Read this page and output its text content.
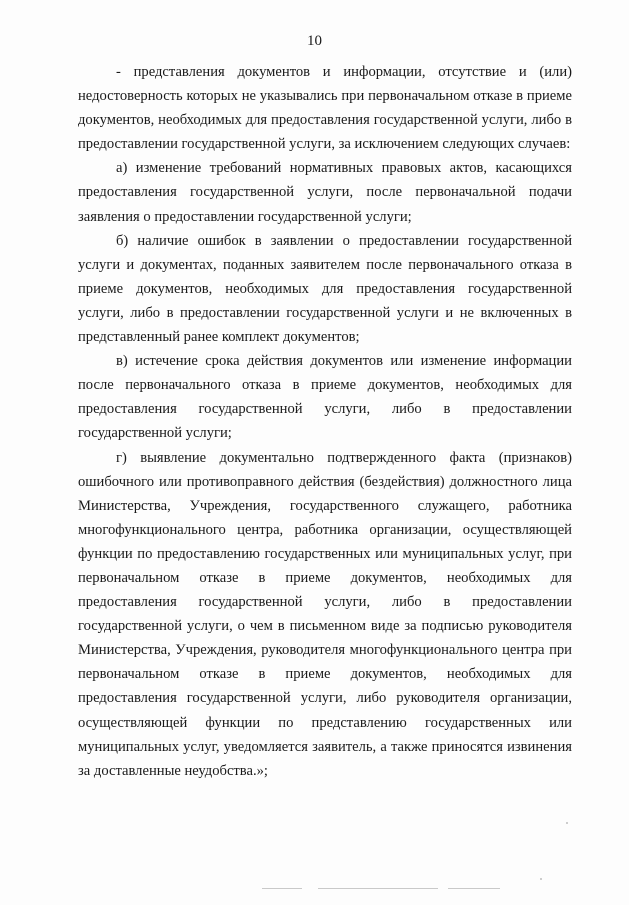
10

- представления документов и информации, отсутствие и (или) недостоверность которых не указывались при первоначальном отказе в приеме документов, необходимых для предоставления государственной услуги, либо в предоставлении государственной услуги, за исключением следующих случаев:

а) изменение требований нормативных правовых актов, касающихся предоставления государственной услуги, после первоначальной подачи заявления о предоставлении государственной услуги;

б) наличие ошибок в заявлении о предоставлении государственной услуги и документах, поданных заявителем после первоначального отказа в приеме документов, необходимых для предоставления государственной услуги, либо в предоставлении государственной услуги и не включенных в представленный ранее комплект документов;

в) истечение срока действия документов или изменение информации после первоначального отказа в приеме документов, необходимых для предоставления государственной услуги, либо в предоставлении государственной услуги;

г) выявление документально подтвержденного факта (признаков) ошибочного или противоправного действия (бездействия) должностного лица Министерства, Учреждения, государственного служащего, работника многофункционального центра, работника организации, осуществляющей функции по предоставлению государственных или муниципальных услуг, при первоначальном отказе в приеме документов, необходимых для предоставления государственной услуги, либо в предоставлении государственной услуги, о чем в письменном виде за подписью руководителя Министерства, Учреждения, руководителя многофункционального центра при первоначальном отказе в приеме документов, необходимых для предоставления государственной услуги, либо руководителя организации, осуществляющей функции по представлению государственных или муниципальных услуг, уведомляется заявитель, а также приносятся извинения за доставленные неудобства.»;
